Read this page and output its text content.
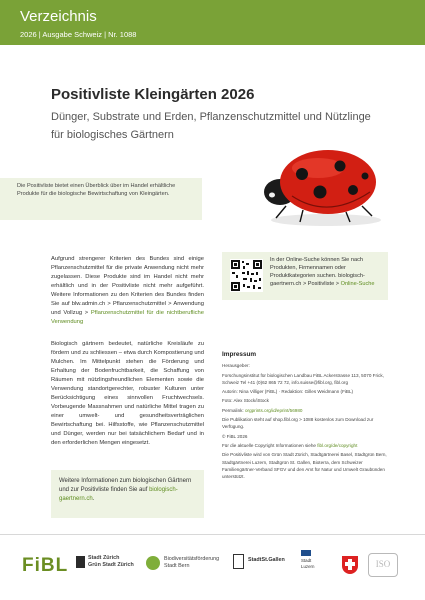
Verzeichnis
2026 | Ausgabe Schweiz | Nr. 1088
Positivliste Kleingärten 2026
Dünger, Substrate und Erden, Pflanzenschutzmittel und Nützlinge für biologisches Gärtnern
Die Positivliste bietet einen Überblick über im Handel erhältliche Produkte für die biologische Bewirtschaftung von Kleingärten.
Aufgrund strengerer Kriterien des Bundes sind einige Pflanzenschutzmittel für die private Anwendung nicht mehr zugelassen. Diese Produkte sind im Handel nicht mehr erhältlich und in der Positivliste nicht mehr aufgeführt. Weitere Informationen zu den Kriterien des Bundes finden Sie auf blw.admin.ch > Pflanzenschutzmittel > Anwendung und Vollzug > Pflanzenschutzmittel für die nichtberufliche Verwendung
Biologisch gärtnern bedeutet, natürliche Kreisläufe zu fördern und zu schliessen – etwa durch Kompostierung und Mulchen. Im Mittelpunkt stehen die Förderung und Erhaltung der Bodenfruchtbarkeit, die Schaffung von Räumen mit nützlingsfreundlichen Elementen sowie die Verwendung standortgerechter, robuster Kulturen unter Berücksichtigung eines sinnvollen Fruchtwechsels. Vorbeugende Massnahmen und natürliche Mittel tragen zu einer umwelt- und gesundheitsverträglichen Bewirtschaftung bei. Hilfsstoffe, wie Pflanzenschutzmittel und Dünger, werden nur bei tatsächlichem Bedarf und in den erforderlichen Mengen eingesetzt.
Weitere Informationen zum biologischen Gärtnern und zur Positivliste finden Sie auf biologisch-gaertnern.ch.
In der Online-Suche können Sie nach Produkten, Firmennamen oder Produktkategorien suchen. biologisch-gaertnern.ch > Positivliste > Online-Suche
Impressum

Herausgeber:

Forschungsinstitut für biologischen Landbau FiBL Ackerstrasse 113, 5070 Frick, Schweiz Tel +41 (0)62 865 72 72, info.suisse@fibl.org, fibl.org

Autorin: Nina Villiger (FiBL) · Redaktion: Gilles Weidmann (FiBL)

Foto: Alex Stock/iStock

Permalink: orgprints.org/id/eprint/56980

Die Publikation steht auf shop.fibl.org > 1088 kostenlos zum Download zur Verfügung.

© FiBL 2026

Für die aktuelle Copyright Informationen siehe fibl.org/de/copyright

Die Positivliste wird von Grün Stadt Zürich, Stadtgärtnerei Basel, Stadtgrün Bern, Stadtgärtnerei Luzern, Stadtgrün St. Gallen, Bioterra, dem Schweizer Familiengärtner-Verband SFGV und den Amt für Natur und Umwelt Graubünden unterstützt.

FiBL	Stadt Zürich
Grün Stadt Zürich
Biodiversitätsförderung
Stadt Bern
StadtSt.Gallen	Stadt
Luzern	ISO
